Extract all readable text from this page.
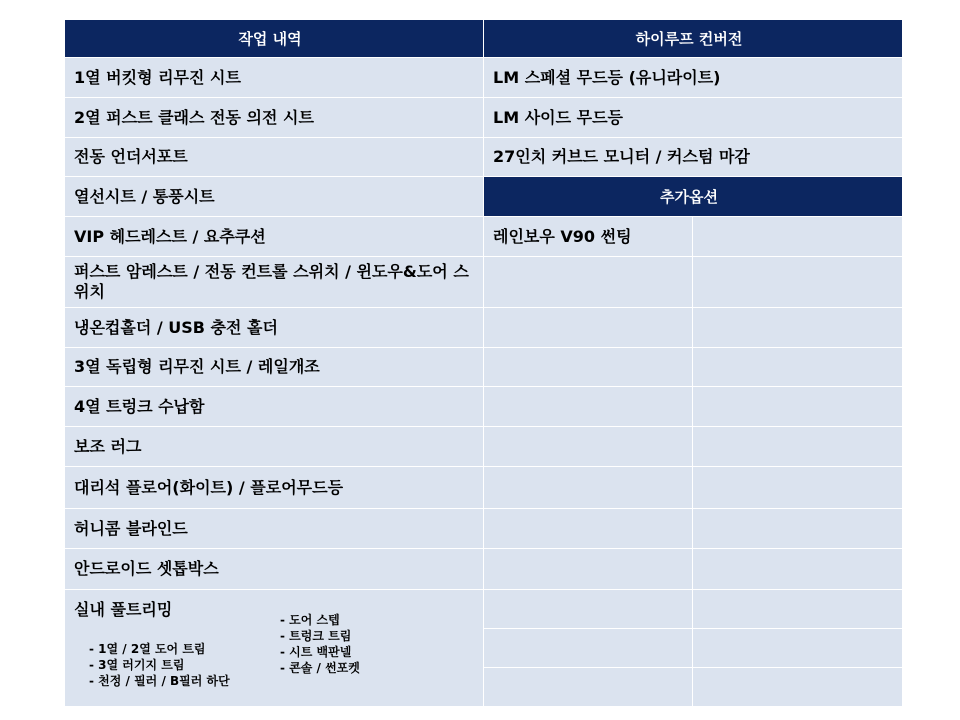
작업 내역
1열 버킷형 리무진 시트
2열 퍼스트 클래스 전동 의전 시트
전동 언더서포트
열선시트 / 통풍시트
VIP 헤드레스트 / 요추쿠션
퍼스트 암레스트 / 전동 컨트롤 스위치 / 윈도우&도어 스위치
냉온컵홀더 / USB 충전 홀더
3열 독립형 리무진 시트 / 레일개조
4열 트렁크 수납함
보조 러그
대리석 플로어(화이트) / 플로어무드등
허니콤 블라인드
안드로이드 셋톱박스
실내 풀트리밍
하이루프 컨버전
LM 스페셜 무드등 (유니라이트)
LM 사이드 무드등
27인치 커브드 모니터 / 커스텀 마감
추가옵션
레인보우 V90 썬팅
- 1열 / 2열 도어 트림
- 3열 러기지 트림
- 천정 / 필러 / B필러 하단
- 도어 스텝
- 트렁크 트림
- 시트 백판넬
- 콘솔 / 썬포켓
